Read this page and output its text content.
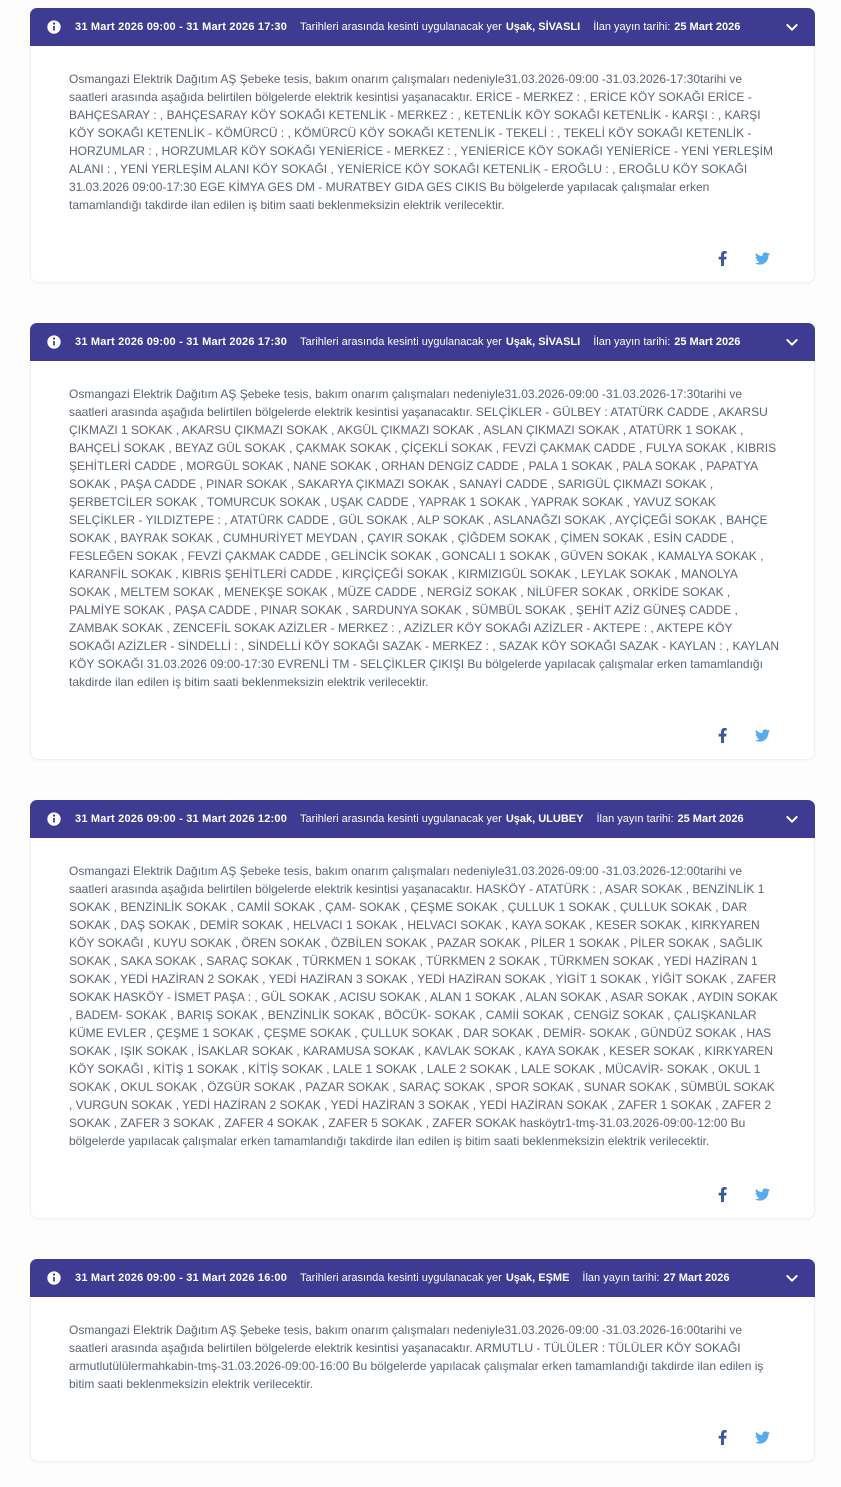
31 Mart 2026 09:00 - 31 Mart 2026 17:30 Tarihleri arasında kesinti uygulanacak yer Uşak, SİVASLI İlan yayın tarihi: 25 Mart 2026

Osmangazi Elektrik Dağıtım AŞ Şebeke tesis, bakım onarım çalışmaları nedeniyle31.03.2026-09:00 -31.03.2026-17:30tarihi ve saatleri arasında aşağıda belirtilen bölgelerde elektrik kesintisi yaşanacaktır. ERİCE - MERKEZ : , ERİCE KÖY SOKAĞI ERİCE - BAHÇESARAY : , BAHÇESARAY KÖY SOKAĞI KETENLİK - MERKEZ : , KETENLİK KÖY SOKAĞI KETENLİK - KARŞI : , KARŞI KÖY SOKAĞI KETENLİK - KÖMÜRCÜ : , KÖMÜRCÜ KÖY SOKAĞI KETENLİK - TEKELİ : , TEKELİ KÖY SOKAĞI KETENLİK - HORZUMLAR : , HORZUMLAR KÖY SOKAĞI YENİERİCE - MERKEZ : , YENİERİCE KÖY SOKAĞI YENİERİCE - YENİ YERLEŞİM ALANI : , YENİ YERLEŞİM ALANI KÖY SOKAĞI , YENİERİCE KÖY SOKAĞI KETENLİK - EROĞLU : , EROĞLU KÖY SOKAĞI 31.03.2026 09:00-17:30 EGE KİMYA GES DM - MURATBEY GIDA GES CIKIS Bu bölgelerde yapılacak çalışmalar erken tamamlandığı takdirde ilan edilen iş bitim saati beklenmeksizin elektrik verilecektir.

31 Mart 2026 09:00 - 31 Mart 2026 17:30 Tarihleri arasında kesinti uygulanacak yer Uşak, SİVASLI İlan yayın tarihi: 25 Mart 2026

Osmangazi Elektrik Dağıtım AŞ Şebeke tesis, bakım onarım çalışmaları nedeniyle31.03.2026-09:00 -31.03.2026-17:30tarihi ve saatleri arasında aşağıda belirtilen bölgelerde elektrik kesintisi yaşanacaktır. SELÇİKLER - GÜLBEY : ATATÜRK CADDE , AKARSU ÇIKMAZI 1 SOKAK , AKARSU ÇIKMAZI SOKAK , AKGÜL ÇIKMAZI SOKAK , ASLAN ÇIKMAZI SOKAK , ATATÜRK 1 SOKAK , BAHÇELİ SOKAK , BEYAZ GÜL SOKAK , ÇAKMAK SOKAK , ÇİÇEKLİ SOKAK , FEVZİ ÇAKMAK CADDE , FULYA SOKAK , KIBRIS ŞEHİTLERİ CADDE , MORGÜL SOKAK , NANE SOKAK , ORHAN DENGİZ CADDE , PALA 1 SOKAK , PALA SOKAK , PAPATYA SOKAK , PAŞA CADDE , PINAR SOKAK , SAKARYA ÇIKMAZI SOKAK , SANAYİ CADDE , SARIGÜL ÇIKMAZI SOKAK , ŞERBETCİLER SOKAK , TOMURCUK SOKAK , UŞAK CADDE , YAPRAK 1 SOKAK , YAPRAK SOKAK , YAVUZ SOKAK SELÇİKLER - YILDIZTEPE : , ATATÜRK CADDE , GÜL SOKAK , ALP SOKAK , ASLANAĞZI SOKAK , AYÇİÇEĞİ SOKAK , BAHÇE SOKAK , BAYRAK SOKAK , CUMHURİYET MEYDAN , ÇAYIR SOKAK , ÇİĞDEM SOKAK , ÇİMEN SOKAK , ESİN CADDE , FESLEĞEN SOKAK , FEVZİ ÇAKMAK CADDE , GELİNCİK SOKAK , GONCALI 1 SOKAK , GÜVEN SOKAK , KAMALYA SOKAK , KARANFİL SOKAK , KIBRIS ŞEHİTLERİ CADDE , KIRÇİÇEĞİ SOKAK , KIRMIZIGÜL SOKAK , LEYLAK SOKAK , MANOLYA SOKAK , MELTEM SOKAK , MENEKŞE SOKAK , MÜZE CADDE , NERGİZ SOKAK , NİLÜFER SOKAK , ORKİDE SOKAK , PALMİYE SOKAK , PAŞA CADDE , PINAR SOKAK , SARDUNYA SOKAK , SÜMBÜL SOKAK , ŞEHİT AZİZ GÜNEŞ CADDE , ZAMBAK SOKAK , ZENCEFİL SOKAK AZİZLER - MERKEZ : , AZİZLER KÖY SOKAĞI AZİZLER - AKTEPE : , AKTEPE KÖY SOKAĞI AZİZLER - SİNDELLİ : , SİNDELLİ KÖY SOKAĞI SAZAK - MERKEZ : , SAZAK KÖY SOKAĞI SAZAK - KAYLAN : , KAYLAN KÖY SOKAĞI 31.03.2026 09:00-17:30 EVRENLİ TM - SELÇİKLER ÇIKIŞI Bu bölgelerde yapılacak çalışmalar erken tamamlandığı takdirde ilan edilen iş bitim saati beklenmeksizin elektrik verilecektir.

31 Mart 2026 09:00 - 31 Mart 2026 12:00 Tarihleri arasında kesinti uygulanacak yer Uşak, ULUBEY İlan yayın tarihi: 25 Mart 2026

Osmangazi Elektrik Dağıtım AŞ Şebeke tesis, bakım onarım çalışmaları nedeniyle31.03.2026-09:00 -31.03.2026-12:00tarihi ve saatleri arasında aşağıda belirtilen bölgelerde elektrik kesintisi yaşanacaktır. HASKÖY - ATATÜRK : , ASAR SOKAK , BENZİNLİK 1 SOKAK , BENZİNLİK SOKAK , CAMİİ SOKAK , ÇAM- SOKAK , ÇEŞME SOKAK , ÇULLUK 1 SOKAK , ÇULLUK SOKAK , DAR SOKAK , DAŞ SOKAK , DEMİR SOKAK , HELVACI 1 SOKAK , HELVACI SOKAK , KAYA SOKAK , KESER SOKAK , KIRKYAREN KÖY SOKAĞI , KUYU SOKAK , ÖREN SOKAK , ÖZBİLEN SOKAK , PAZAR SOKAK , PİLER 1 SOKAK , PİLER SOKAK , SAĞLIK SOKAK , SAKA SOKAK , SARAÇ SOKAK , TÜRKMEN 1 SOKAK , TÜRKMEN 2 SOKAK , TÜRKMEN SOKAK , YEDİ HAZİRAN 1 SOKAK , YEDİ HAZİRAN 2 SOKAK , YEDİ HAZİRAN 3 SOKAK , YEDİ HAZİRAN SOKAK , YİGİT 1 SOKAK , YİĞİT SOKAK , ZAFER SOKAK HASKÖY - İSMET PAŞA : , GÜL SOKAK , ACISU SOKAK , ALAN 1 SOKAK , ALAN SOKAK , ASAR SOKAK , AYDIN SOKAK , BADEM- SOKAK , BARIŞ SOKAK , BENZİNLİK SOKAK , BÖCÜK- SOKAK , CAMİİ SOKAK , CENGİZ SOKAK , ÇALIŞKANLAR KÜME EVLER , ÇEŞME 1 SOKAK , ÇEŞME SOKAK , ÇULLUK SOKAK , DAR SOKAK , DEMİR- SOKAK , GÜNDÜZ SOKAK , HAS SOKAK , IŞIK SOKAK , İSAKLAR SOKAK , KARAMUSA SOKAK , KAVLAK SOKAK , KAYA SOKAK , KESER SOKAK , KIRKYAREN KÖY SOKAĞI , KİTİŞ 1 SOKAK , KİTİŞ SOKAK , LALE 1 SOKAK , LALE 2 SOKAK , LALE SOKAK , MÜCAVİR- SOKAK , OKUL 1 SOKAK , OKUL SOKAK , ÖZGÜR SOKAK , PAZAR SOKAK , SARAÇ SOKAK , SPOR SOKAK , SUNAR SOKAK , SÜMBÜL SOKAK , VURGUN SOKAK , YEDİ HAZİRAN 2 SOKAK , YEDİ HAZİRAN 3 SOKAK , YEDİ HAZİRAN SOKAK , ZAFER 1 SOKAK , ZAFER 2 SOKAK , ZAFER 3 SOKAK , ZAFER 4 SOKAK , ZAFER 5 SOKAK , ZAFER SOKAK hasköytr1-tmş-31.03.2026-09:00-12:00 Bu bölgelerde yapılacak çalışmalar erken tamamlandığı takdirde ilan edilen iş bitim saati beklenmeksizin elektrik verilecektir.

31 Mart 2026 09:00 - 31 Mart 2026 16:00 Tarihleri arasında kesinti uygulanacak yer Uşak, EŞME İlan yayın tarihi: 27 Mart 2026

Osmangazi Elektrik Dağıtım AŞ Şebeke tesis, bakım onarım çalışmaları nedeniyle31.03.2026-09:00 -31.03.2026-16:00tarihi ve saatleri arasında aşağıda belirtilen bölgelerde elektrik kesintisi yaşanacaktır. ARMUTLU - TÜLÜLER : TÜLÜLER KÖY SOKAĞI armutlutülülermahkabin-tmş-31.03.2026-09:00-16:00 Bu bölgelerde yapılacak çalışmalar erken tamamlandığı takdirde ilan edilen iş bitim saati beklenmeksizin elektrik verilecektir.
